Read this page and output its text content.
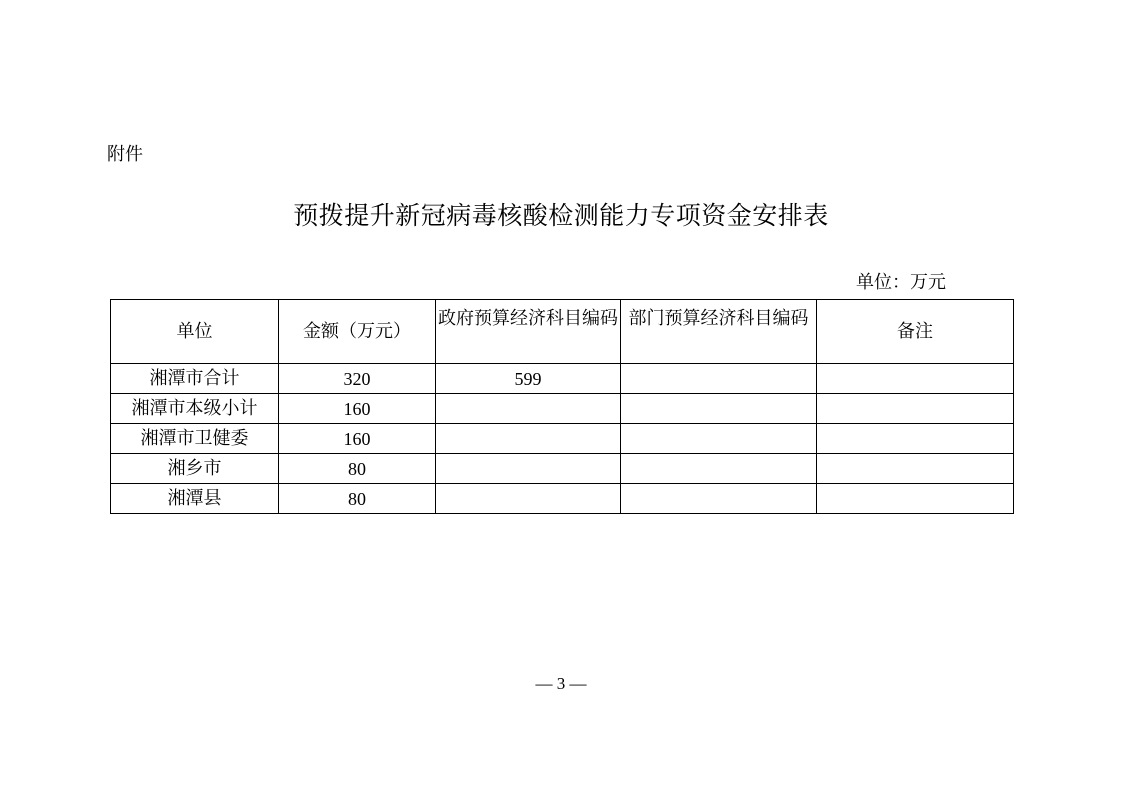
附件
预拨提升新冠病毒核酸检测能力专项资金安排表
单位：万元
单位	金额（万元）	政府预算经济科目编码	部门预算经济科目编码	备注
湘潭市合计	320	599		
湘潭市本级小计	160			
湘潭市卫健委	160			
湘乡市	80			
湘潭县	80			
— 3 —
